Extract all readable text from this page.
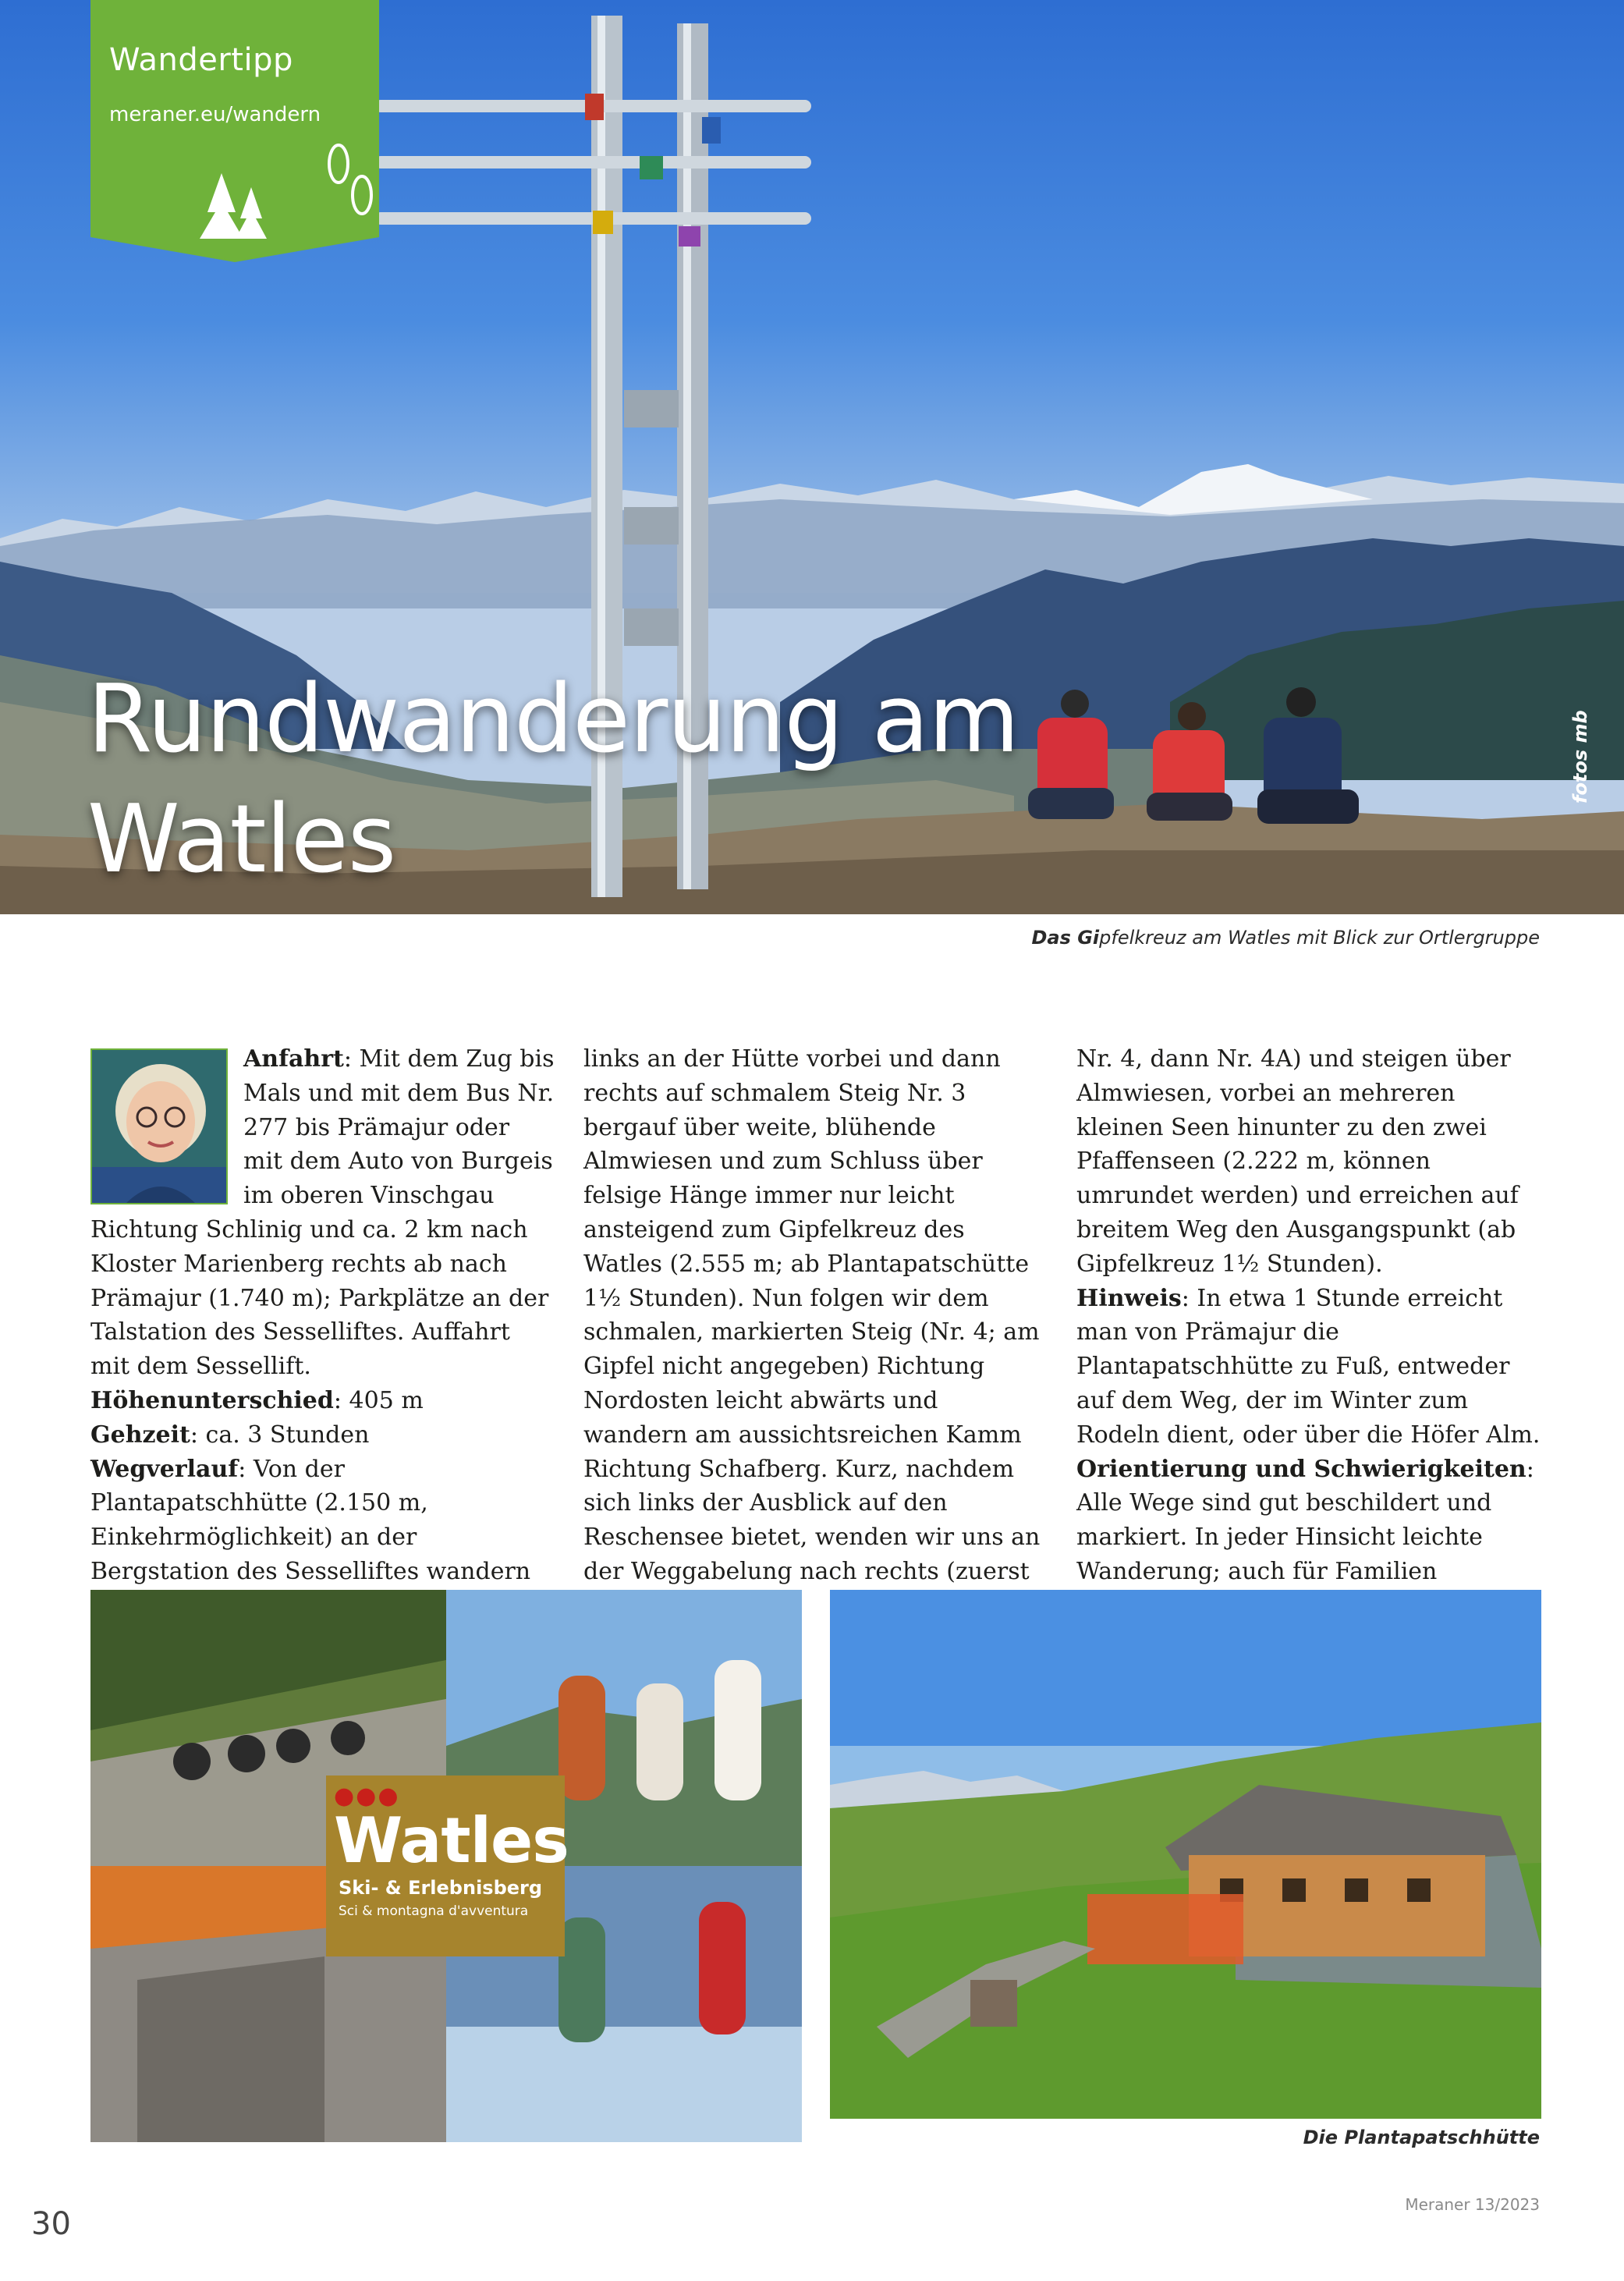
Wandertipp
meraner.eu/wandern
Rundwanderung am Watles
fotos mb
Das Gipfelkreuz am Watles mit Blick zur Ortlergruppe

Anfahrt: Mit dem Zug bis Mals und mit dem Bus Nr. 277 bis Prämajur oder mit dem Auto von Burgeis im oberen Vinschgau Richtung Schlinig und ca. 2 km nach Kloster Marienberg rechts ab nach Prämajur (1.740 m); Parkplätze an der Talstation des Sesselliftes. Auffahrt mit dem Sessellift.

Höhenunterschied: 405 m

Gehzeit: ca. 3 Stunden

Wegverlauf: Von der Plantapatschhütte (2.150 m, Einkehrmöglichkeit) an der Bergstation des Sesselliftes wandern

links an der Hütte vorbei und dann rechts auf schmalem Steig Nr. 3 bergauf über weite, blühende Almwiesen und zum Schluss über felsige Hänge immer nur leicht ansteigend zum Gipfelkreuz des Watles (2.555 m; ab Plantapatschütte 1½ Stunden). Nun folgen wir dem schmalen, markierten Steig (Nr. 4; am Gipfel nicht angegeben) Richtung Nordosten leicht abwärts und wandern am aussichtsreichen Kamm Richtung Schafberg. Kurz, nachdem sich links der Ausblick auf den Reschensee bietet, wenden wir uns an der Weggabelung nach rechts (zuerst

Nr. 4, dann Nr. 4A) und steigen über Almwiesen, vorbei an mehreren kleinen Seen hinunter zu den zwei Pfaffenseen (2.222 m, können umrundet werden) und erreichen auf breitem Weg den Ausgangspunkt (ab Gipfelkreuz 1½ Stunden).

Hinweis: In etwa 1 Stunde erreicht man von Prämajur die Plantapatschhütte zu Fuß, entweder auf dem Weg, der im Winter zum Rodeln dient, oder über die Höfer Alm.

Orientierung und Schwierigkeiten: Alle Wege sind gut beschildert und markiert. In jeder Hinsicht leichte Wanderung; auch für Familien

●●●
Watles
Ski- & Erlebnisberg
Sci & montagna d'avventura
Die Plantapatschhütte
30
Meraner 13/2023
